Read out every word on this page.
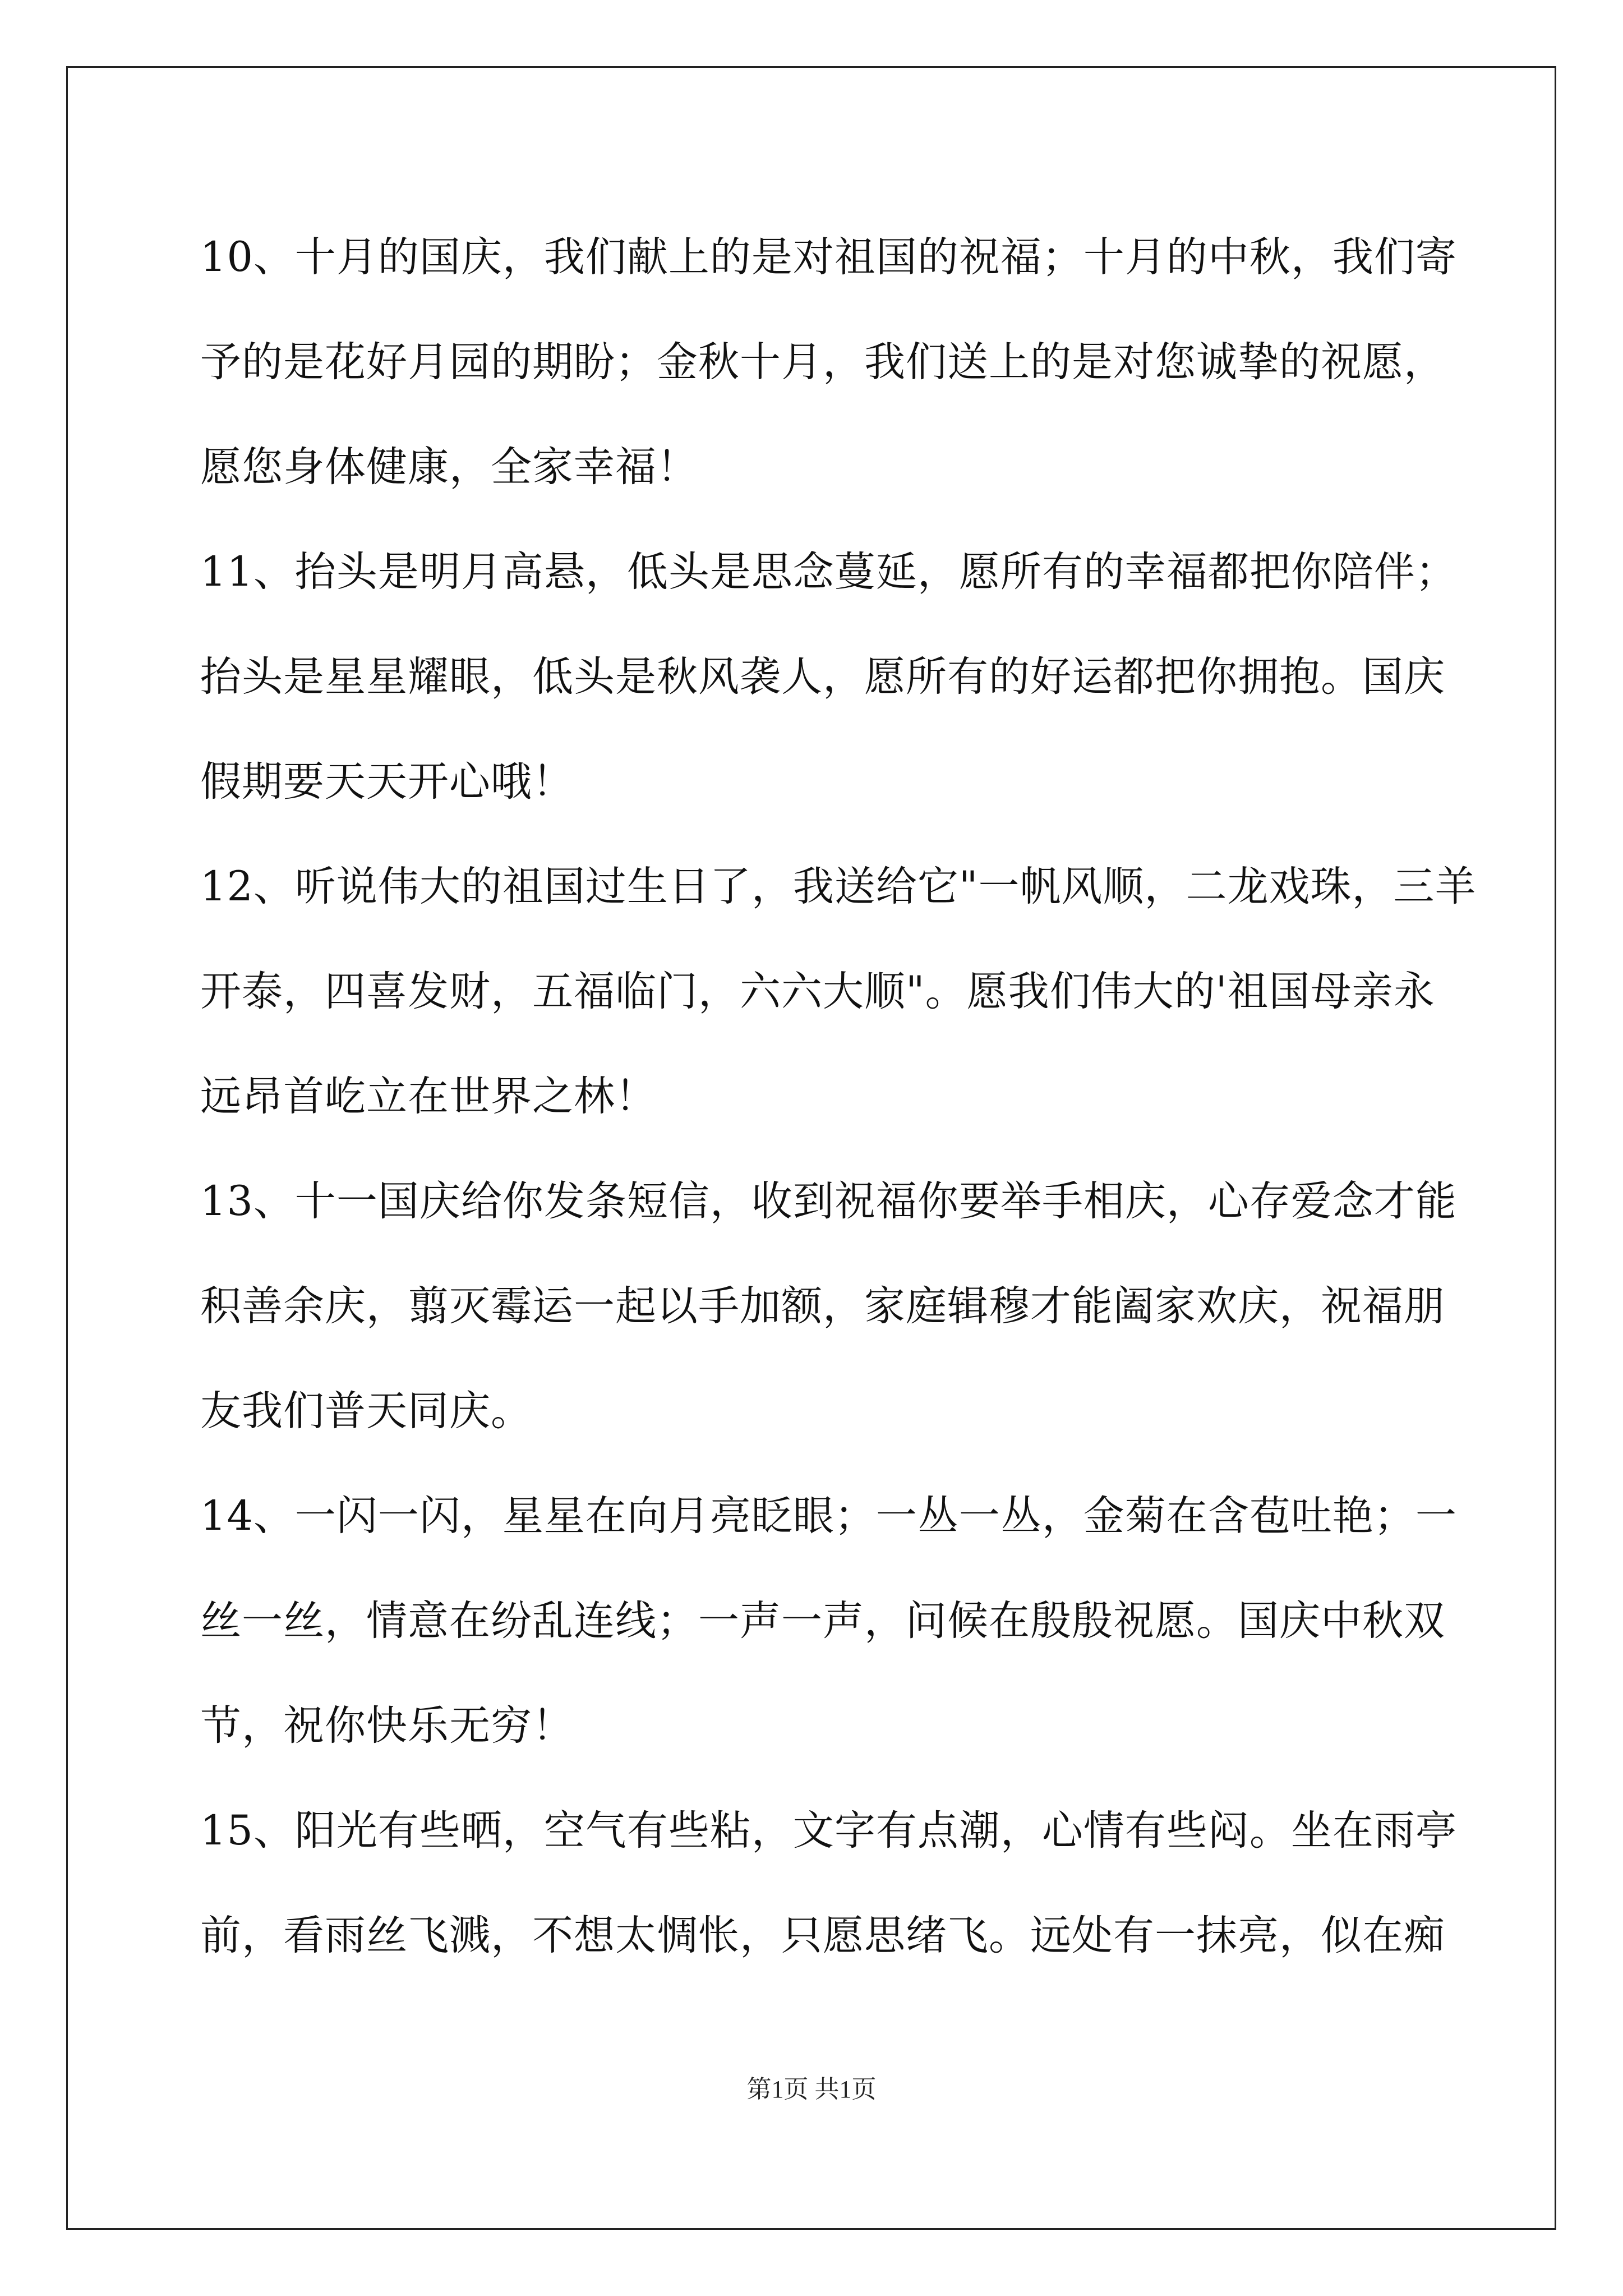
10、十月的国庆，我们献上的是对祖国的祝福；十月的中秋，我们寄
予的是花好月园的期盼；金秋十月，我们送上的是对您诚挚的祝愿，
愿您身体健康，全家幸福！
11、抬头是明月高悬，低头是思念蔓延，愿所有的幸福都把你陪伴；
抬头是星星耀眼，低头是秋风袭人，愿所有的好运都把你拥抱。国庆
假期要天天开心哦！
12、听说伟大的祖国过生日了，我送给它"一帆风顺，二龙戏珠，三羊
开泰，四喜发财，五福临门，六六大顺"。愿我们伟大的'祖国母亲永
远昂首屹立在世界之林！
13、十一国庆给你发条短信，收到祝福你要举手相庆，心存爱念才能
积善余庆，翦灭霉运一起以手加额，家庭辑穆才能阖家欢庆，祝福朋
友我们普天同庆。
14、一闪一闪，星星在向月亮眨眼；一丛一丛，金菊在含苞吐艳；一
丝一丝，情意在纷乱连线；一声一声，问候在殷殷祝愿。国庆中秋双
节，祝你快乐无穷！
15、阳光有些晒，空气有些粘，文字有点潮，心情有些闷。坐在雨亭
前，看雨丝飞溅，不想太惆怅，只愿思绪飞。远处有一抹亮，似在痴
第1页 共1页
